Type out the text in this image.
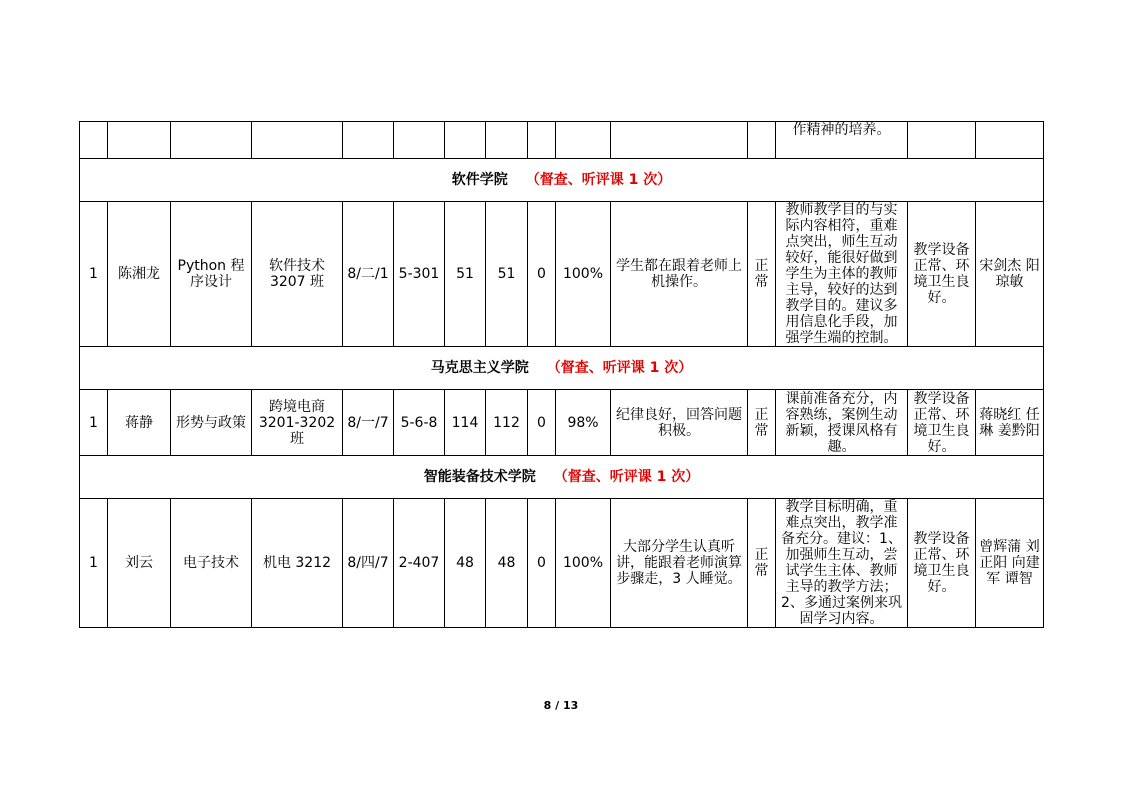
												作精神的培养。		
软件学院 （督查、听评课 1 次）														
1	陈湘龙	Python 程序设计	软件技术 3207 班	8/二/1	5-301	51	51	0	100%	学生都在跟着老师上机操作。	正常	教师教学目的与实际内容相符，重难点突出，师生互动较好，能很好做到学生为主体的教师主导，较好的达到教学目的。建议多用信息化手段，加强学生端的控制。	教学设备正常、环境卫生良好。	宋剑杰 阳琼敏
马克思主义学院 （督查、听评课 1 次）														
1	蒋静	形势与政策	跨境电商 3201-3202 班	8/一/7	5-6-8	114	112	0	98%	纪律良好，回答问题积极。	正常	课前准备充分，内容熟练，案例生动新颖，授课风格有趣。	教学设备正常、环境卫生良好。	蒋晓红 任琳 姜黔阳
智能装备技术学院 （督查、听评课 1 次）														
1	刘云	电子技术	机电 3212	8/四/7	2-407	48	48	0	100%	大部分学生认真听讲，能跟着老师演算步骤走，3 人睡觉。	正常	教学目标明确，重难点突出，教学准备充分。建议：1、加强师生互动，尝试学生主体、教师主导的教学方法；2、多通过案例来巩固学习内容。	教学设备正常、环境卫生良好。	曾辉蒲 刘正阳 向建军 谭智
8 / 13
